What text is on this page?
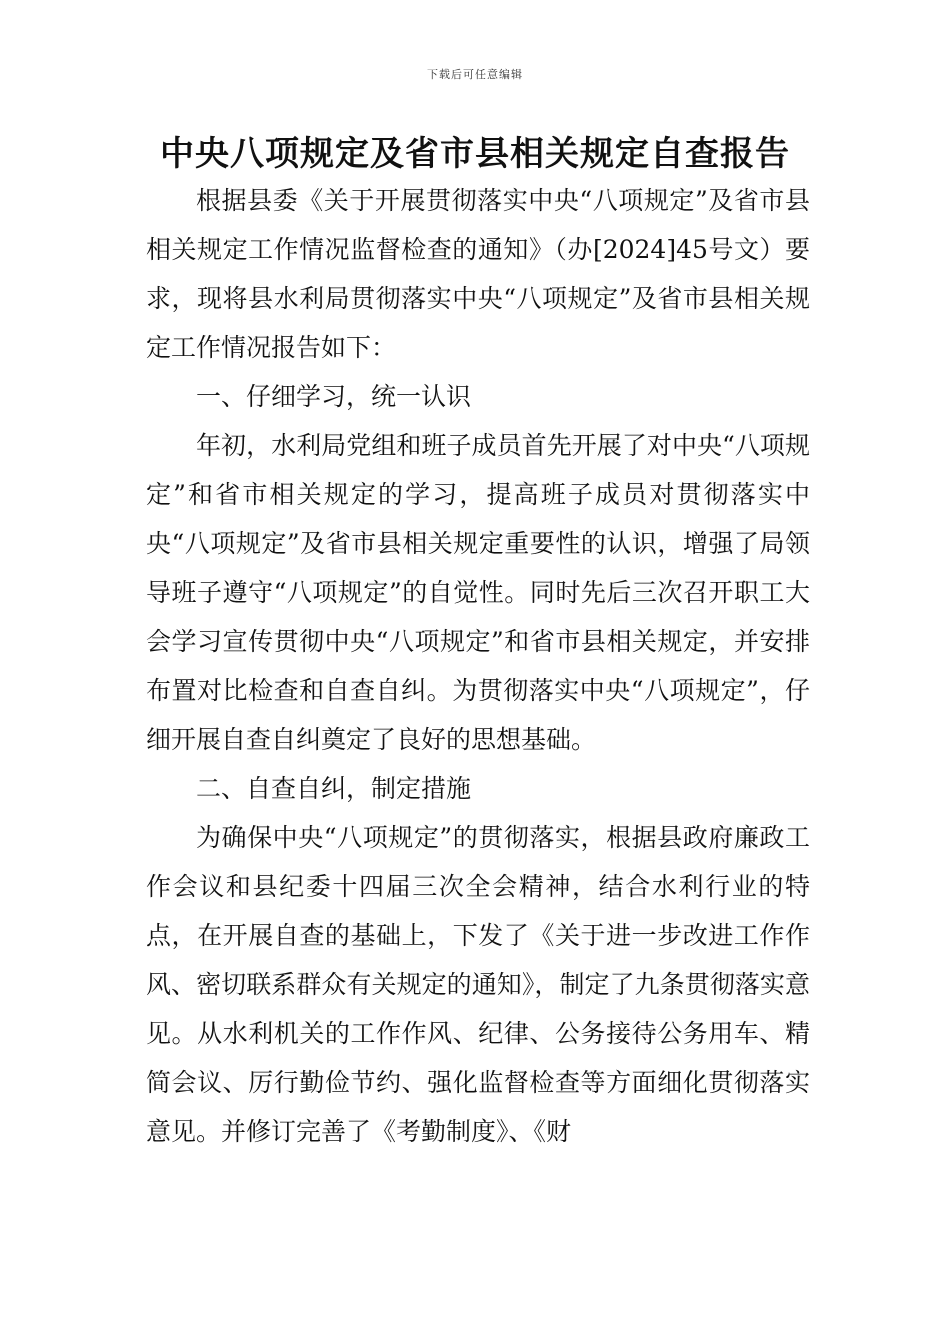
下载后可任意编辑
中央八项规定及省市县相关规定自查报告

根据县委《关于开展贯彻落实中央“八项规定”及省市县相关规定工作情况监督检查的通知》（办[2024]45号文）要求，现将县水利局贯彻落实中央“八项规定”及省市县相关规定工作情况报告如下：

一、仔细学习，统一认识

年初，水利局党组和班子成员首先开展了对中央“八项规定”和省市相关规定的学习，提高班子成员对贯彻落实中央“八项规定”及省市县相关规定重要性的认识，增强了局领导班子遵守“八项规定”的自觉性。同时先后三次召开职工大会学习宣传贯彻中央“八项规定”和省市县相关规定，并安排布置对比检查和自查自纠。为贯彻落实中央“八项规定”，仔细开展自查自纠奠定了良好的思想基础。

二、自查自纠，制定措施

为确保中央“八项规定”的贯彻落实，根据县政府廉政工作会议和县纪委十四届三次全会精神，结合水利行业的特点，在开展自查的基础上，下发了《关于进一步改进工作作风、密切联系群众有关规定的通知》，制定了九条贯彻落实意见。从水利机关的工作作风、纪律、公务接待公务用车、精简会议、厉行勤俭节约、强化监督检查等方面细化贯彻落实意见。并修订完善了《考勤制度》、《财
